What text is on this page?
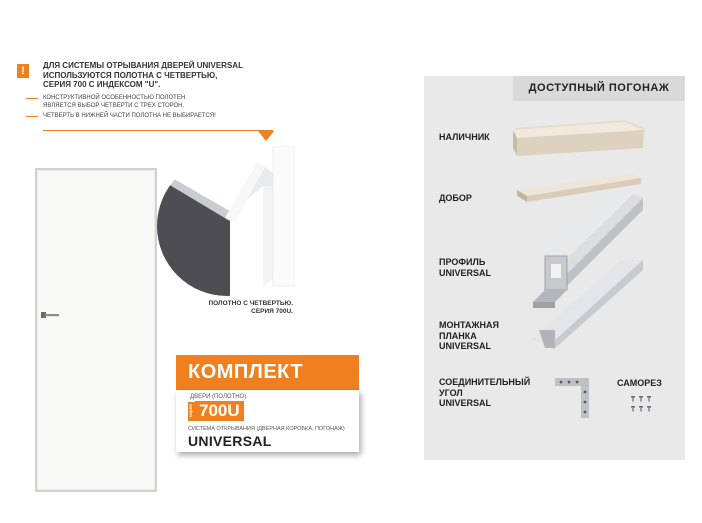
!	ДЛЯ СИСТЕМЫ ОТРЫВАНИЯ ДВЕРЕЙ UNIVERSAL
ИСПОЛЬЗУЮТСЯ ПОЛОТНА С ЧЕТВЕРТЬЮ,
СЕРИЯ 700 С ИНДЕКСОМ "U".
КОНСТРУКТИВНОЙ ОСОБЕННОСТЬЮ ПОЛОТЕН
ЯВЛЯЕТСЯ ВЫБОР ЧЕТВЕРТИ С ТРЕХ СТОРОН.
ЧЕТВЕРТЬ В НИЖНЕЙ ЧАСТИ ПОЛОТНА НЕ ВЫБИРАЕТСЯ!
ПОЛОТНО С ЧЕТВЕРТЬЮ.
СЕРИЯ 700U.
КОМПЛЕКТ
ДВЕРИ (ПОЛОТНО)
серия 700U
СИСТЕМА ОТКРЫВАНИЯ (ДВЕРНАЯ КОРОБКА, ПОГОНАЖ)
UNIVERSAL
ДОСТУПНЫЙ ПОГОНАЖ
НАЛИЧНИК
ДОБОР
ПРОФИЛЬ
UNIVERSAL
МОНТАЖНАЯ
ПЛАНКА
UNIVERSAL
СОЕДИНИТЕЛЬНЫЙ
УГОЛ
UNIVERSAL
САМОРЕЗ
